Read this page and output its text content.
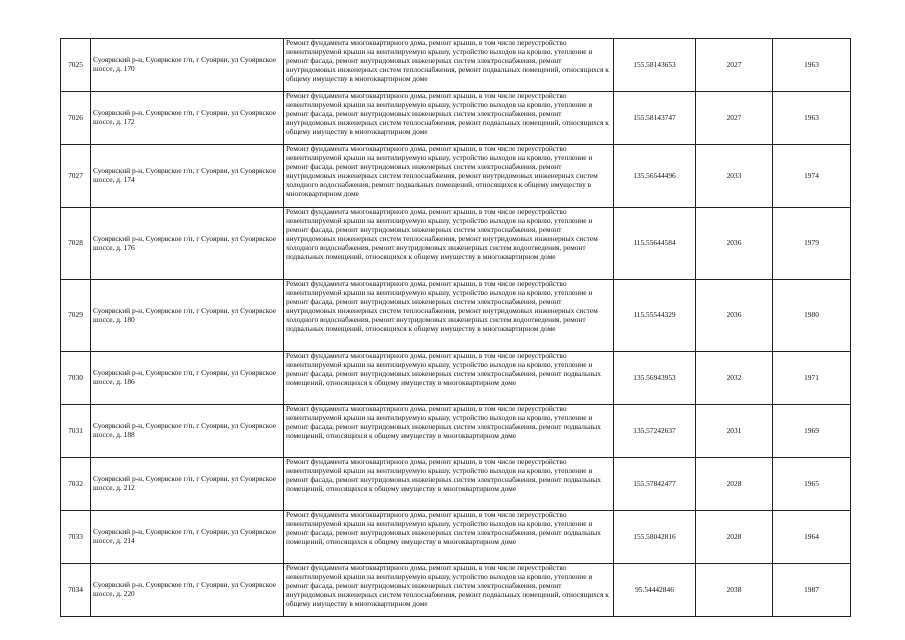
7025	Суоярвский р-н, Суоярвское г/п, г Суоярви, ул Суоярвское шоссе, д. 170	Ремонт фундамента многоквартирного дома, ремонт крыши, в том числе переустройство невентилируемой крыши на вентилируемую крышу, устройство выходов на кровлю, утепление и ремонт фасада, ремонт внутридомовых инженерных систем электроснабжения, ремонт внутридомовых инженерных систем теплоснабжения, ремонт подвальных помещений, относящихся к общему имуществу в многоквартирном доме	155.58143653	2027	1963
7026	Суоярвский р-н, Суоярвское г/п, г Суоярви, ул Суоярвское шоссе, д. 172	Ремонт фундамента многоквартирного дома, ремонт крыши, в том числе переустройство невентилируемой крыши на вентилируемую крышу, устройство выходов на кровлю, утепление и ремонт фасада, ремонт внутридомовых инженерных систем электроснабжения, ремонт внутридомовых инженерных систем теплоснабжения, ремонт подвальных помещений, относящихся к общему имуществу в многоквартирном доме	155.58143747	2027	1963
7027	Суоярвский р-н, Суоярвское г/п, г Суоярви, ул Суоярвское шоссе, д. 174	Ремонт фундамента многоквартирного дома, ремонт крыши, в том числе переустройство невентилируемой крыши на вентилируемую крышу, устройство выходов на кровлю, утепление и ремонт фасада, ремонт внутридомовых инженерных систем электроснабжения, ремонт внутридомовых инженерных систем теплоснабжения, ремонт внутридомовых инженерных систем холодного водоснабжения, ремонт подвальных помещений, относящихся к общему имуществу в многоквартирном доме	135.56544496	2033	1974
7028	Суоярвский р-н, Суоярвское г/п, г Суоярви, ул Суоярвское шоссе, д. 176	Ремонт фундамента многоквартирного дома, ремонт крыши, в том числе переустройство невентилируемой крыши на вентилируемую крышу, устройство выходов на кровлю, утепление и ремонт фасада, ремонт внутридомовых инженерных систем электроснабжения, ремонт внутридомовых инженерных систем теплоснабжения, ремонт внутридомовых инженерных систем холодного водоснабжения, ремонт внутридомовых инженерных систем водоотведения, ремонт подвальных помещений, относящихся к общему имуществу в многоквартирном доме	115.55644584	2036	1979
7029	Суоярвский р-н, Суоярвское г/п, г Суоярви, ул Суоярвское шоссе, д. 180	Ремонт фундамента многоквартирного дома, ремонт крыши, в том числе переустройство невентилируемой крыши на вентилируемую крышу, устройство выходов на кровлю, утепление и ремонт фасада, ремонт внутридомовых инженерных систем электроснабжения, ремонт внутридомовых инженерных систем теплоснабжения, ремонт внутридомовых инженерных систем холодного водоснабжения, ремонт внутридомовых инженерных систем водоотведения, ремонт подвальных помещений, относящихся к общему имуществу в многоквартирном доме	115.55544329	2036	1980
7030	Суоярвский р-н, Суоярвское г/п, г Суоярви, ул Суоярвское шоссе, д. 186	Ремонт фундамента многоквартирного дома, ремонт крыши, в том числе переустройство невентилируемой крыши на вентилируемую крышу, устройство выходов на кровлю, утепление и ремонт фасада, ремонт внутридомовых инженерных систем электроснабжения, ремонт подвальных помещений, относящихся к общему имуществу в многоквартирном доме	135.56943953	2032	1971
7031	Суоярвский р-н, Суоярвское г/п, г Суоярви, ул Суоярвское шоссе, д. 188	Ремонт фундамента многоквартирного дома, ремонт крыши, в том числе переустройство невентилируемой крыши на вентилируемую крышу, устройство выходов на кровлю, утепление и ремонт фасада, ремонт внутридомовых инженерных систем электроснабжения, ремонт подвальных помещений, относящихся к общему имуществу в многоквартирном доме	135.57242637	2031	1969
7032	Суоярвский р-н, Суоярвское г/п, г Суоярви, ул Суоярвское шоссе, д. 212	Ремонт фундамента многоквартирного дома, ремонт крыши, в том числе переустройство невентилируемой крыши на вентилируемую крышу, устройство выходов на кровлю, утепление и ремонт фасада, ремонт внутридомовых инженерных систем электроснабжения, ремонт подвальных помещений, относящихся к общему имуществу в многоквартирном доме	155.57842477	2028	1965
7033	Суоярвский р-н, Суоярвское г/п, г Суоярви, ул Суоярвское шоссе, д. 214	Ремонт фундамента многоквартирного дома, ремонт крыши, в том числе переустройство невентилируемой крыши на вентилируемую крышу, устройство выходов на кровлю, утепление и ремонт фасада, ремонт внутридомовых инженерных систем электроснабжения, ремонт подвальных помещений, относящихся к общему имуществу в многоквартирном доме	155.58042816	2028	1964
7034	Суоярвский р-н, Суоярвское г/п, г Суоярви, ул Суоярвское шоссе, д. 220	Ремонт фундамента многоквартирного дома, ремонт крыши, в том числе переустройство невентилируемой крыши на вентилируемую крышу, устройство выходов на кровлю, утепление и ремонт фасада, ремонт внутридомовых инженерных систем электроснабжения, ремонт внутридомовых инженерных систем теплоснабжения, ремонт подвальных помещений, относящихся к общему имуществу в многоквартирном доме	95.54442846	2038	1987
